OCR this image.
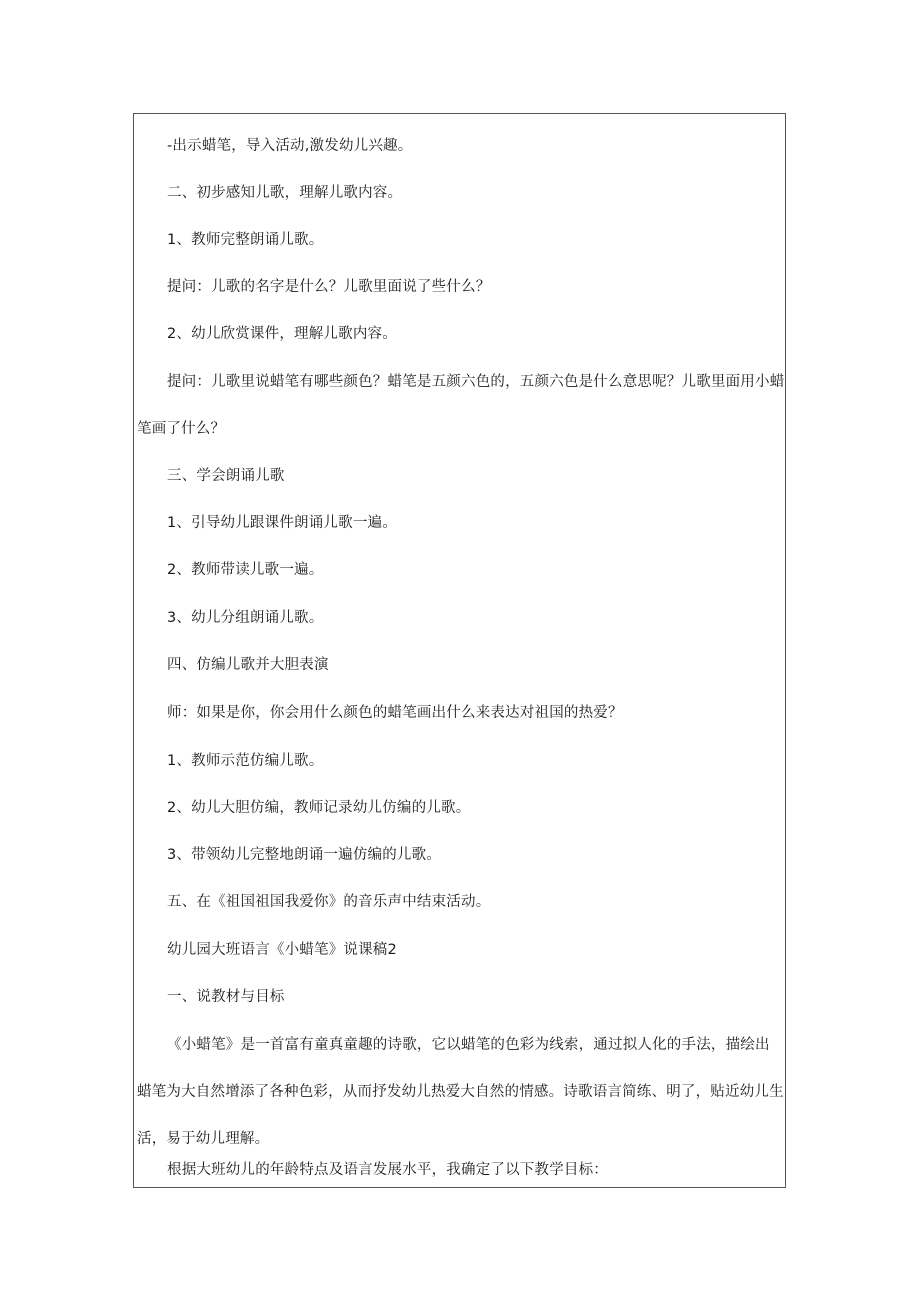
-出示蜡笔，导入活动,激发幼儿兴趣。
二、初步感知儿歌，理解儿歌内容。
1、教师完整朗诵儿歌。
提问：儿歌的名字是什么？儿歌里面说了些什么？
2、幼儿欣赏课件，理解儿歌内容。
提问：儿歌里说蜡笔有哪些颜色？蜡笔是五颜六色的，五颜六色是什么意思呢？儿歌里面用小蜡
笔画了什么？
三、学会朗诵儿歌
1、引导幼儿跟课件朗诵儿歌一遍。
2、教师带读儿歌一遍。
3、幼儿分组朗诵儿歌。
四、仿编儿歌并大胆表演
师：如果是你，你会用什么颜色的蜡笔画出什么来表达对祖国的热爱？
1、教师示范仿编儿歌。
2、幼儿大胆仿编，教师记录幼儿仿编的儿歌。
3、带领幼儿完整地朗诵一遍仿编的儿歌。
五、在《祖国祖国我爱你》的音乐声中结束活动。
幼儿园大班语言《小蜡笔》说课稿2
一、说教材与目标
《小蜡笔》是一首富有童真童趣的诗歌，它以蜡笔的色彩为线索，通过拟人化的手法，描绘出
蜡笔为大自然增添了各种色彩，从而抒发幼儿热爱大自然的情感。诗歌语言简练、明了，贴近幼儿生
活，易于幼儿理解。
根据大班幼儿的年龄特点及语言发展水平，我确定了以下教学目标：
